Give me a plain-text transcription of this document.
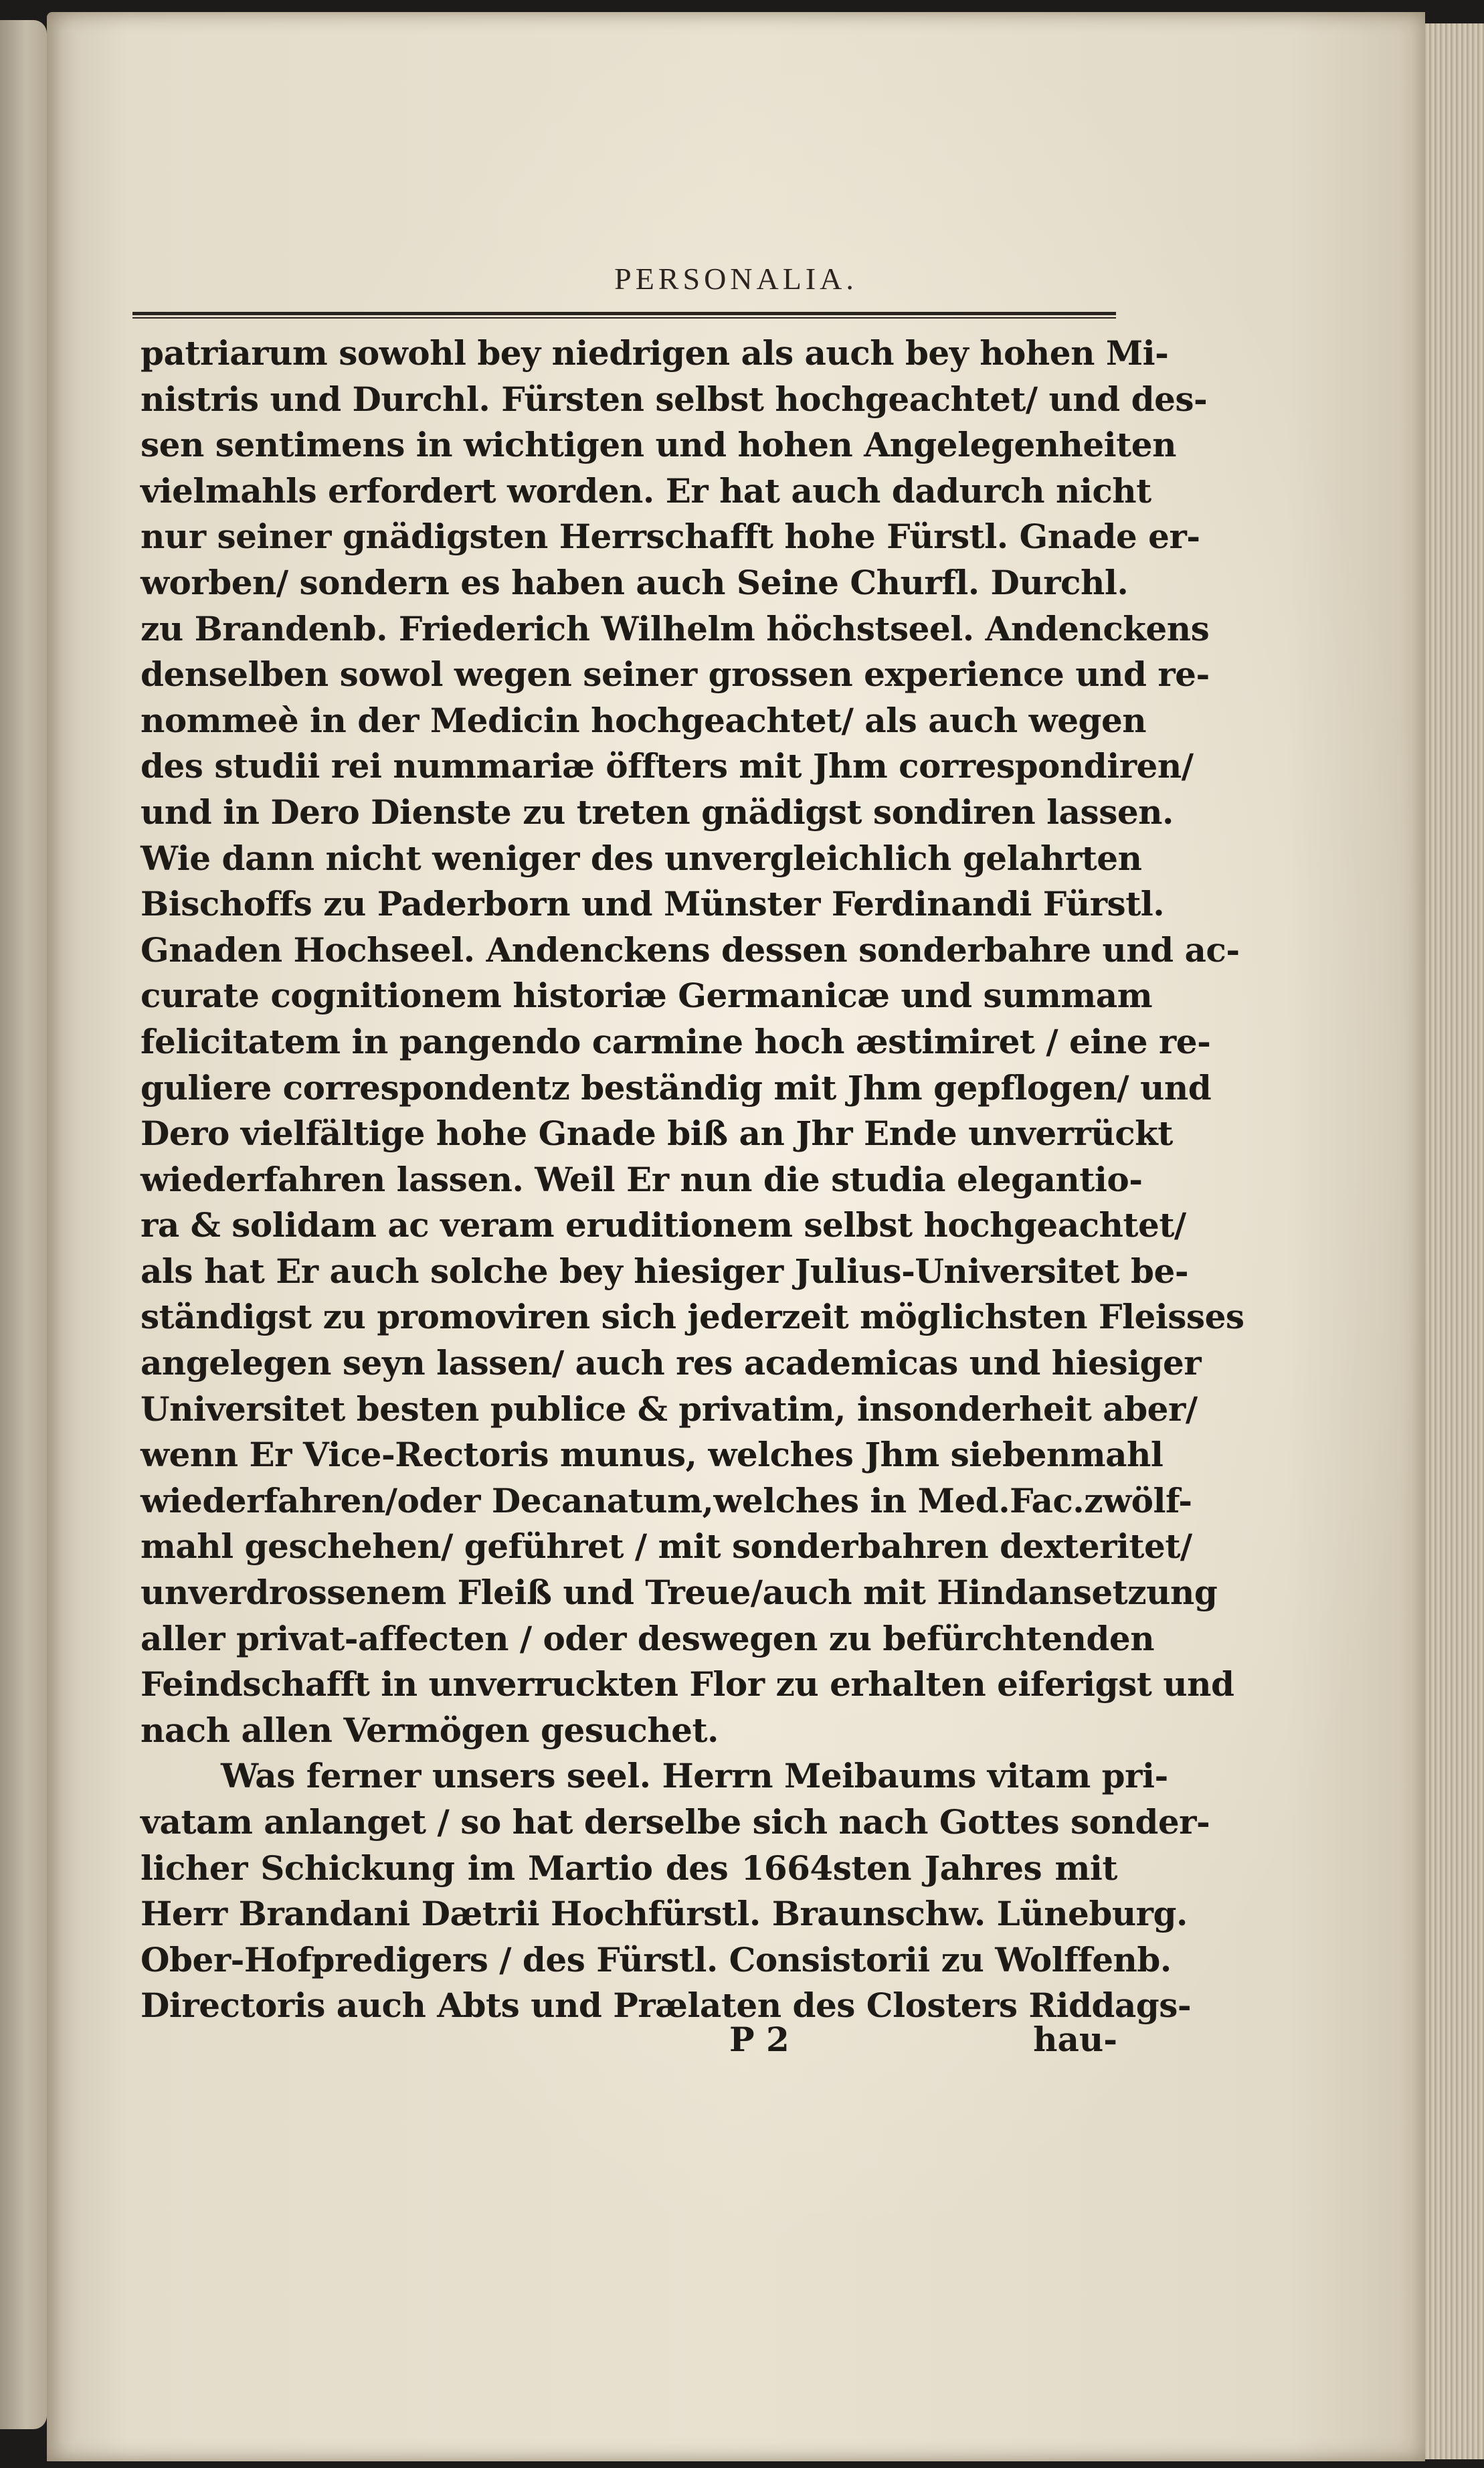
PERSONALIA.
patriarum sowohl bey niedrigen als auch bey hohen Mi-
nistris und Durchl. Fürsten selbst hochgeachtet/ und des-
sen sentimens in wichtigen und hohen Angelegenheiten
vielmahls erfordert worden. Er hat auch dadurch nicht
nur seiner gnädigsten Herrschafft hohe Fürstl. Gnade er-
worben/ sondern es haben auch Seine Churfl. Durchl.
zu Brandenb. Friederich Wilhelm höchstseel. Andenckens
denselben sowol wegen seiner grossen experience und re-
nommeè in der Medicin hochgeachtet/ als auch wegen
des studii rei nummariæ öffters mit Jhm correspondiren/
und in Dero Dienste zu treten gnädigst sondiren lassen.
Wie dann nicht weniger des unvergleichlich gelahrten
Bischoffs zu Paderborn und Münster Ferdinandi Fürstl.
Gnaden Hochseel. Andenckens dessen sonderbahre und ac-
curate cognitionem historiæ Germanicæ und summam
felicitatem in pangendo carmine hoch æstimiret / eine re-
guliere correspondentz beständig mit Jhm gepflogen/ und
Dero vielfältige hohe Gnade biß an Jhr Ende unverrückt
wiederfahren lassen. Weil Er nun die studia elegantio-
ra & solidam ac veram eruditionem selbst hochgeachtet/
als hat Er auch solche bey hiesiger Julius-Universitet be-
ständigst zu promoviren sich jederzeit möglichsten Fleisses
angelegen seyn lassen/ auch res academicas und hiesiger
Universitet besten publice & privatim, insonderheit aber/
wenn Er Vice-Rectoris munus, welches Jhm siebenmahl
wiederfahren/oder Decanatum,welches in Med.Fac.zwölf-
mahl geschehen/ geführet / mit sonderbahren dexteritet/
unverdrossenem Fleiß und Treue/auch mit Hindansetzung
aller privat-affecten / oder deswegen zu befürchtenden
Feindschafft in unverruckten Flor zu erhalten eiferigst und
nach allen Vermögen gesuchet.
Was ferner unsers seel. Herrn Meibaums vitam pri-
vatam anlanget / so hat derselbe sich nach Gottes sonder-
licher Schickung im Martio des 1664sten Jahres mit
Herr Brandani Dætrii Hochfürstl. Braunschw. Lüneburg.
Ober-Hofpredigers / des Fürstl. Consistorii zu Wolffenb.
Directoris auch Abts und Prælaten des Closters Riddags-
P 2	hau-
